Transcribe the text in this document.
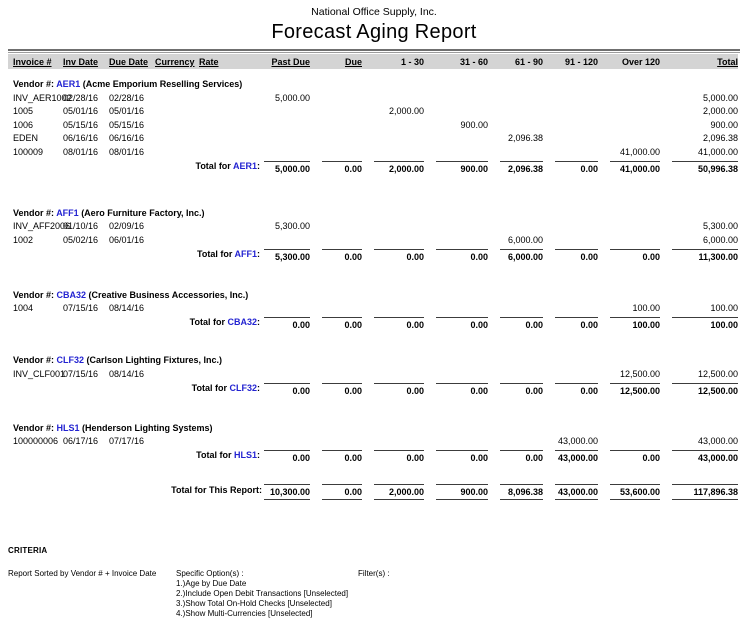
National Office Supply, Inc.
Forecast Aging Report
Invoice #	Inv Date	Due Date	Currency	Rate	Past Due	Due	1 - 30	31 - 60	61 - 90	91 - 120	Over 120	Total

Vendor #: AER1 (Acme Emporium Reselling Services)												
INV_AER1002	02/28/16	02/28/16			5,000.00							5,000.00

1005	05/01/16	05/01/16					2,000.00					2,000.00

1006	05/15/16	05/15/16						900.00				900.00

EDEN	06/16/16	06/16/16							2,096.38			2,096.38

100009	08/01/16	08/01/16									41,000.00	41,000.00

Total for AER1:					5,000.00	0.00	2,000.00	900.00	2,096.38	0.00	41,000.00	50,996.38

Vendor #: AFF1 (Aero Furniture Factory, Inc.)												
INV_AFF2006	01/10/16	02/09/16			5,300.00							5,300.00

1002	05/02/16	06/01/16							6,000.00			6,000.00

Total for AFF1:					5,300.00	0.00	0.00	0.00	6,000.00	0.00	0.00	11,300.00

Vendor #: CBA32 (Creative Business Accessories, Inc.)												
1004	07/15/16	08/14/16									100.00	100.00

Total for CBA32:					0.00	0.00	0.00	0.00	0.00	0.00	100.00	100.00

Vendor #: CLF32 (Carlson Lighting Fixtures, Inc.)												
INV_CLF001	07/15/16	08/14/16									12,500.00	12,500.00

Total for CLF32:					0.00	0.00	0.00	0.00	0.00	0.00	12,500.00	12,500.00

Vendor #: HLS1 (Henderson Lighting Systems)												
100000006	06/17/16	07/17/16								43,000.00		43,000.00

Total for HLS1:					0.00	0.00	0.00	0.00	0.00	43,000.00	0.00	43,000.00

Total for This Report:					10,300.00	0.00	2,000.00	900.00	8,096.38	43,000.00	53,600.00	117,896.38
CRITERIA
Report Sorted by Vendor # + Invoice Date	Specific Option(s) :
1.)Age by Due Date
2.)Include Open Debit Transactions [Unselected]
3.)Show Total On-Hold Checks [Unselected]
4.)Show Multi-Currencies [Unselected]
Filter(s) :
